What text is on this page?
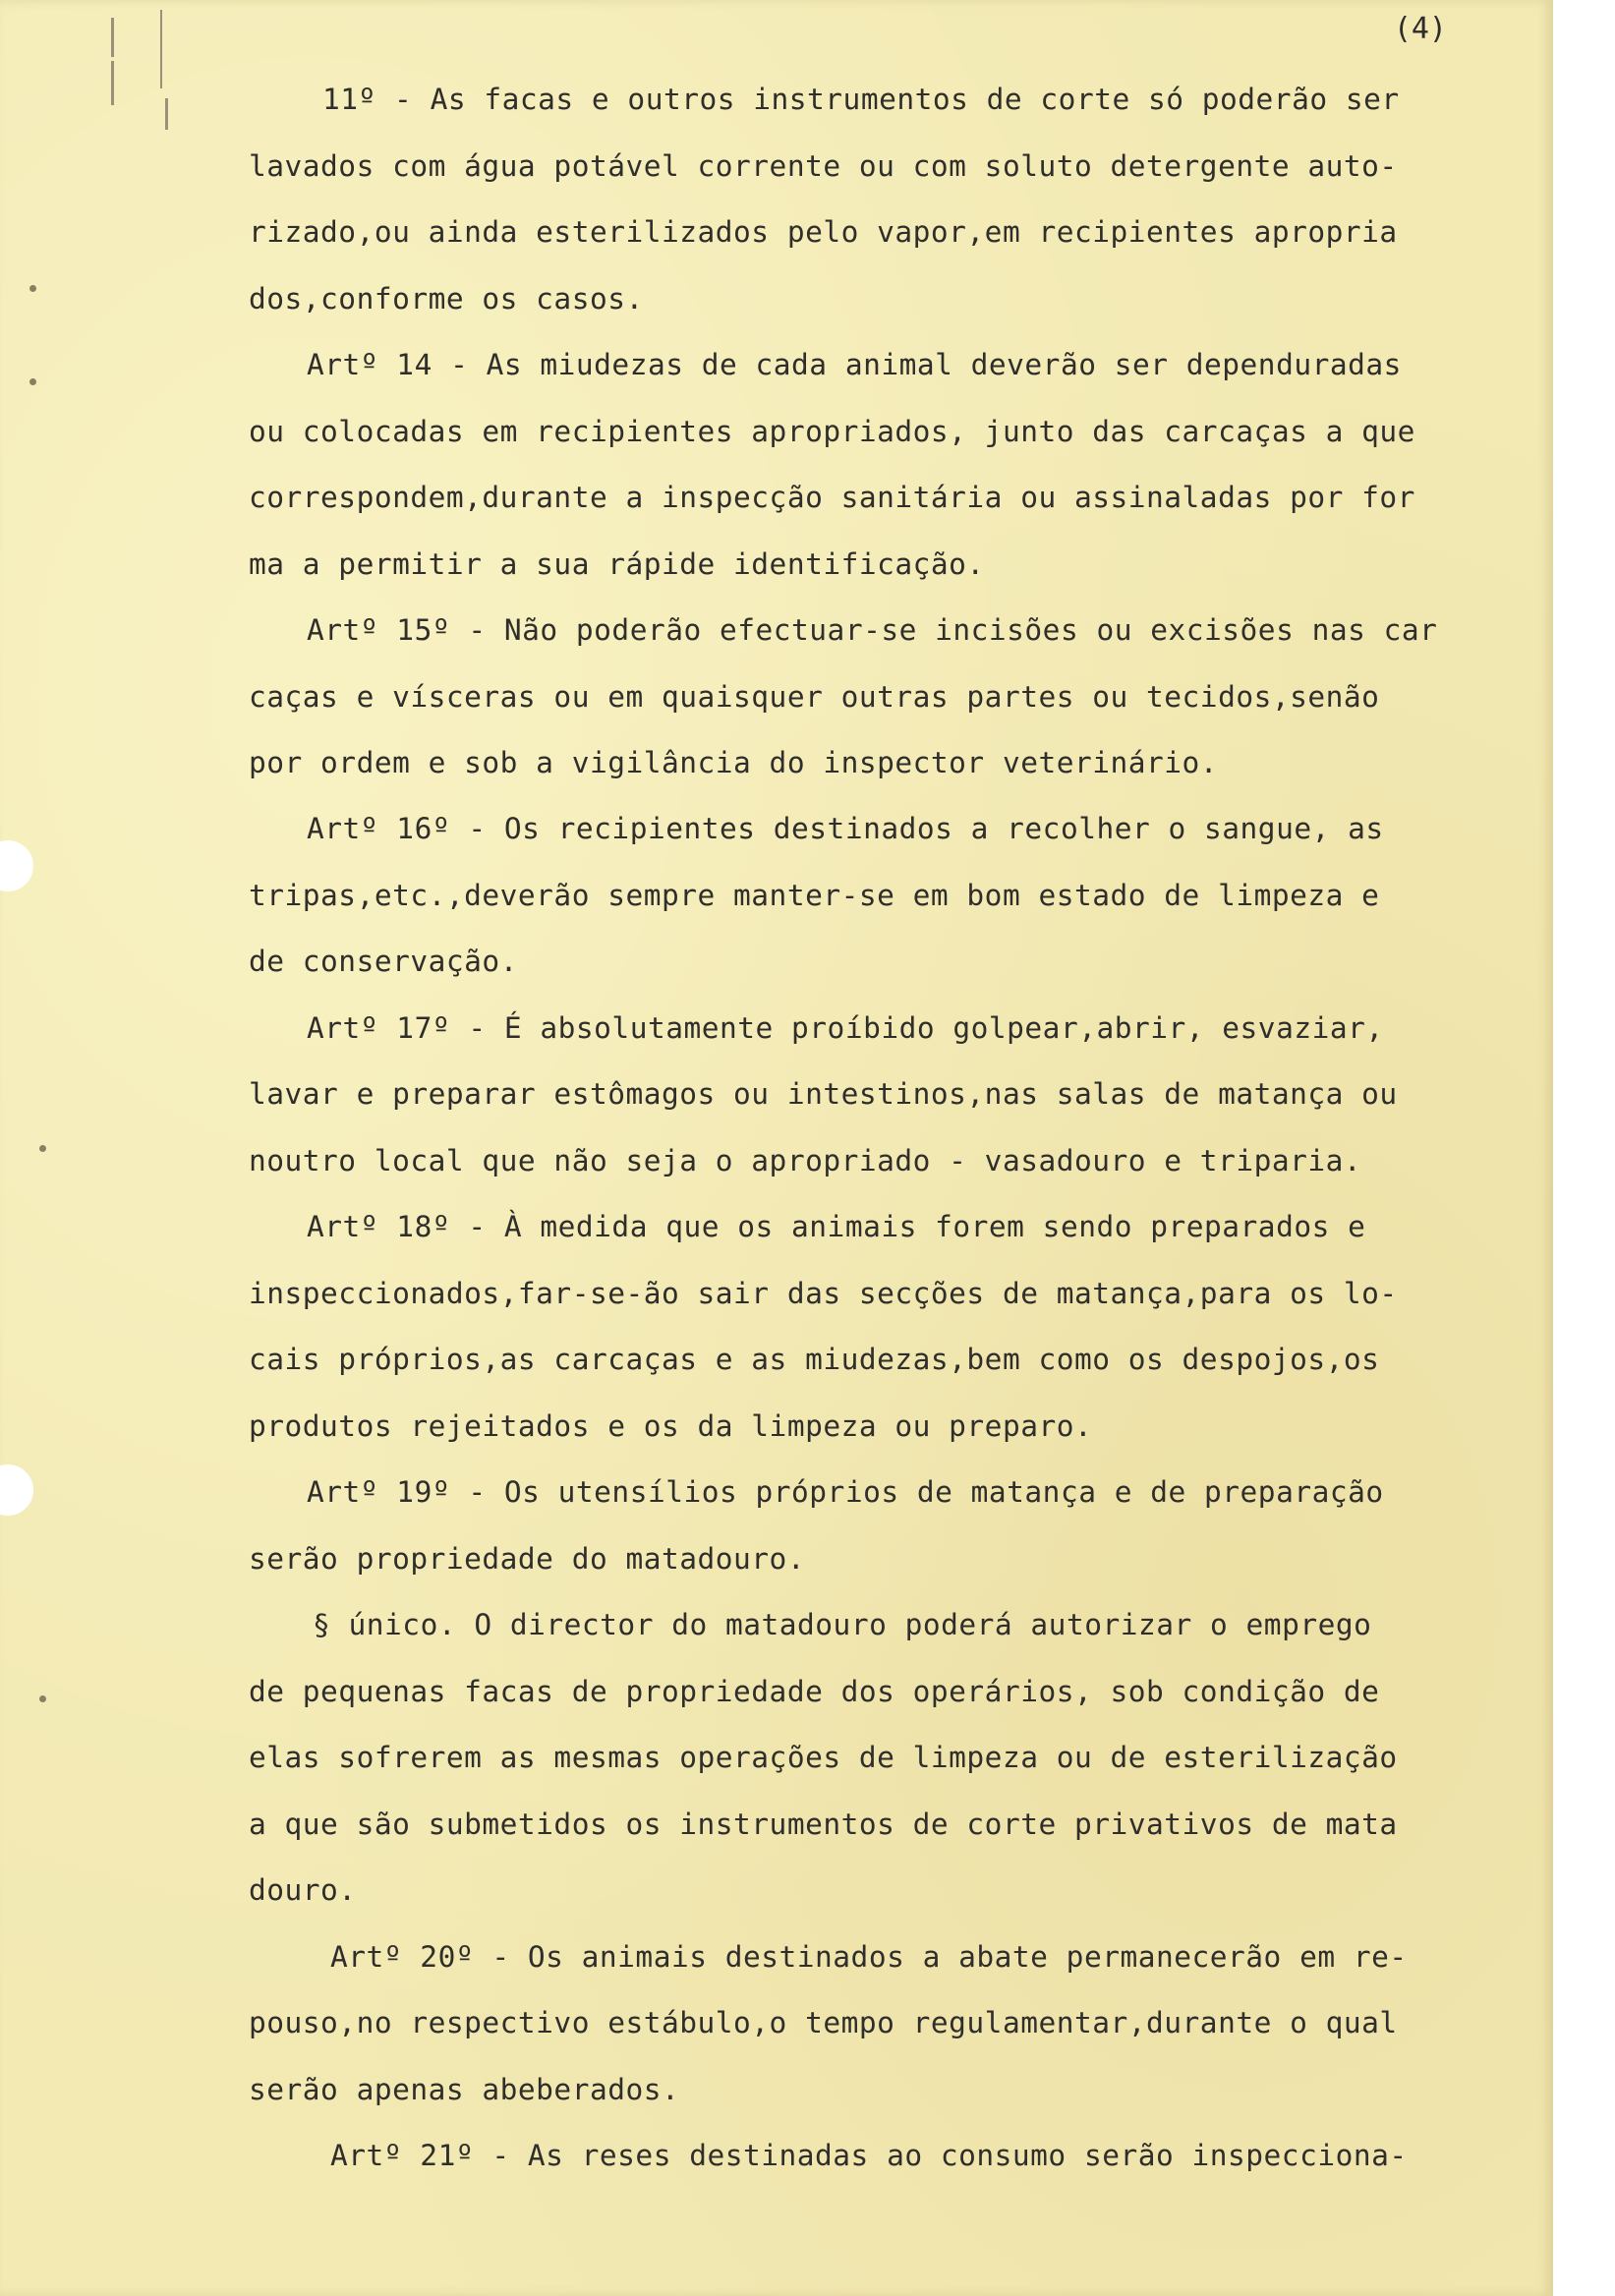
(4)
11º - As facas e outros instrumentos de corte só poderão ser
lavados com água potável corrente ou com soluto detergente auto-
rizado,ou ainda esterilizados pelo vapor,em recipientes apropria
dos,conforme os casos.
Artº 14 - As miudezas de cada animal deverão ser dependuradas
ou colocadas em recipientes apropriados, junto das carcaças a que
correspondem,durante a inspecção sanitária ou assinaladas por for
ma a permitir a sua rápide identificação.
Artº 15º - Não poderão efectuar-se incisões ou excisões nas car
caças e vísceras ou em quaisquer outras partes ou tecidos,senão
por ordem e sob a vigilância do inspector veterinário.
Artº 16º - Os recipientes destinados a recolher o sangue, as
tripas,etc.,deverão sempre manter-se em bom estado de limpeza e
de conservação.
Artº 17º - É absolutamente proíbido golpear,abrir, esvaziar,
lavar e preparar estômagos ou intestinos,nas salas de matança ou
noutro local que não seja o apropriado - vasadouro e triparia.
Artº 18º - À medida que os animais forem sendo preparados e
inspeccionados,far-se-ão sair das secções de matança,para os lo-
cais próprios,as carcaças e as miudezas,bem como os despojos,os
produtos rejeitados e os da limpeza ou preparo.
Artº 19º - Os utensílios próprios de matança e de preparação
serão propriedade do matadouro.
§ único. O director do matadouro poderá autorizar o emprego
de pequenas facas de propriedade dos operários, sob condição de
elas sofrerem as mesmas operações de limpeza ou de esterilização
a que são submetidos os instrumentos de corte privativos de mata
douro.
Artº 20º - Os animais destinados a abate permanecerão em re-
pouso,no respectivo estábulo,o tempo regulamentar,durante o qual
serão apenas abeberados.
Artº 21º - As reses destinadas ao consumo serão inspecciona-
